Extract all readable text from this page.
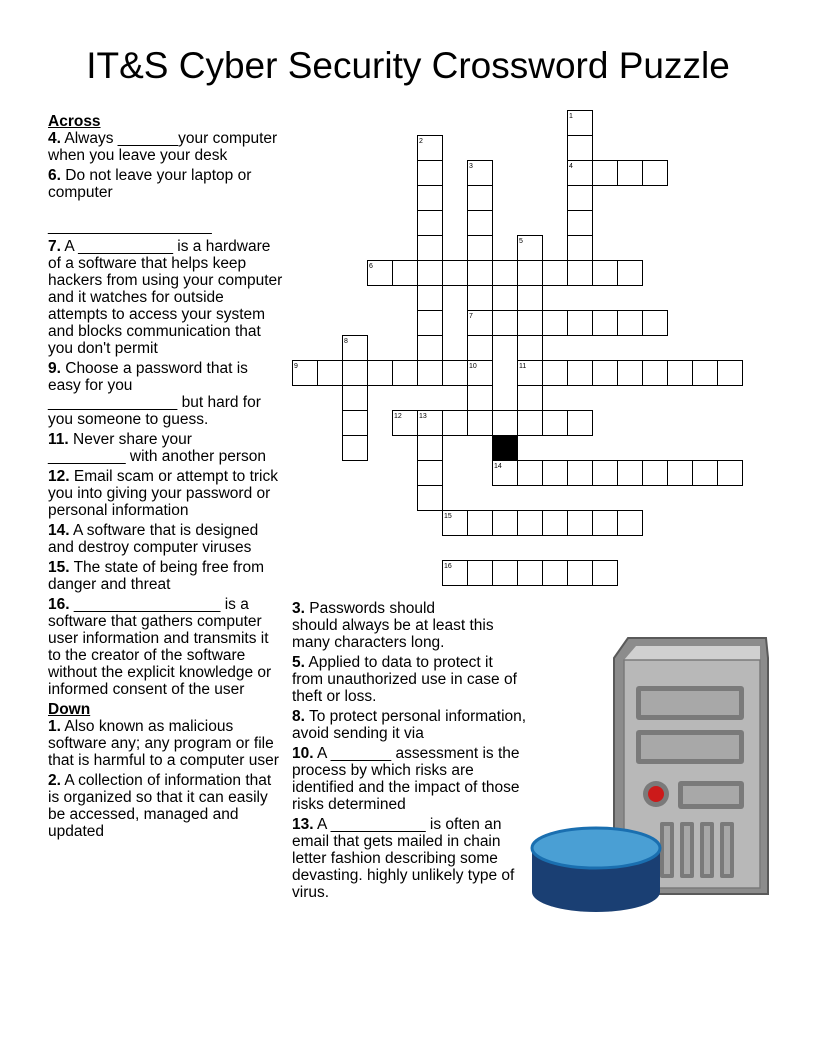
IT&S Cyber Security Crossword Puzzle
Across
4. Always _______your computer when you leave your desk
6. Do not leave your laptop or computer

___________________
7. A ___________ is a hardware of a software that helps keep hackers from using your computer and it watches for outside attempts to access your system and blocks communication that you don't permit
9. Choose a password that is easy for you
_______________ but hard for you someone to guess.
11. Never share your
_________ with another person
12. Email scam or attempt to trick you into giving your password or personal information
14. A software that is designed and destroy computer viruses
15. The state of being free from danger and threat
16. _________________ is a software that gathers computer user information and transmits it to the creator of the software without the explicit knowledge or informed consent of the user
Down
1. Also known as malicious software any; any program or file that is harmful to a computer user
2. A collection of information that is organized so that it can easily be accessed, managed and updated
3. Passwords should
should always be at least this many characters long.
5. Applied to data to protect it from unauthorized use in case of theft or loss.
8. To protect personal information, avoid sending it via
10. A _______ assessment is the process by which risks are identified and the impact of those risks determined
13. A ___________ is often an email that gets mailed in chain letter fashion describing some devasting. highly unlikely type of virus.
1
2
3	4
5
6
7
8
9	10	11
12 13
14
15
16
